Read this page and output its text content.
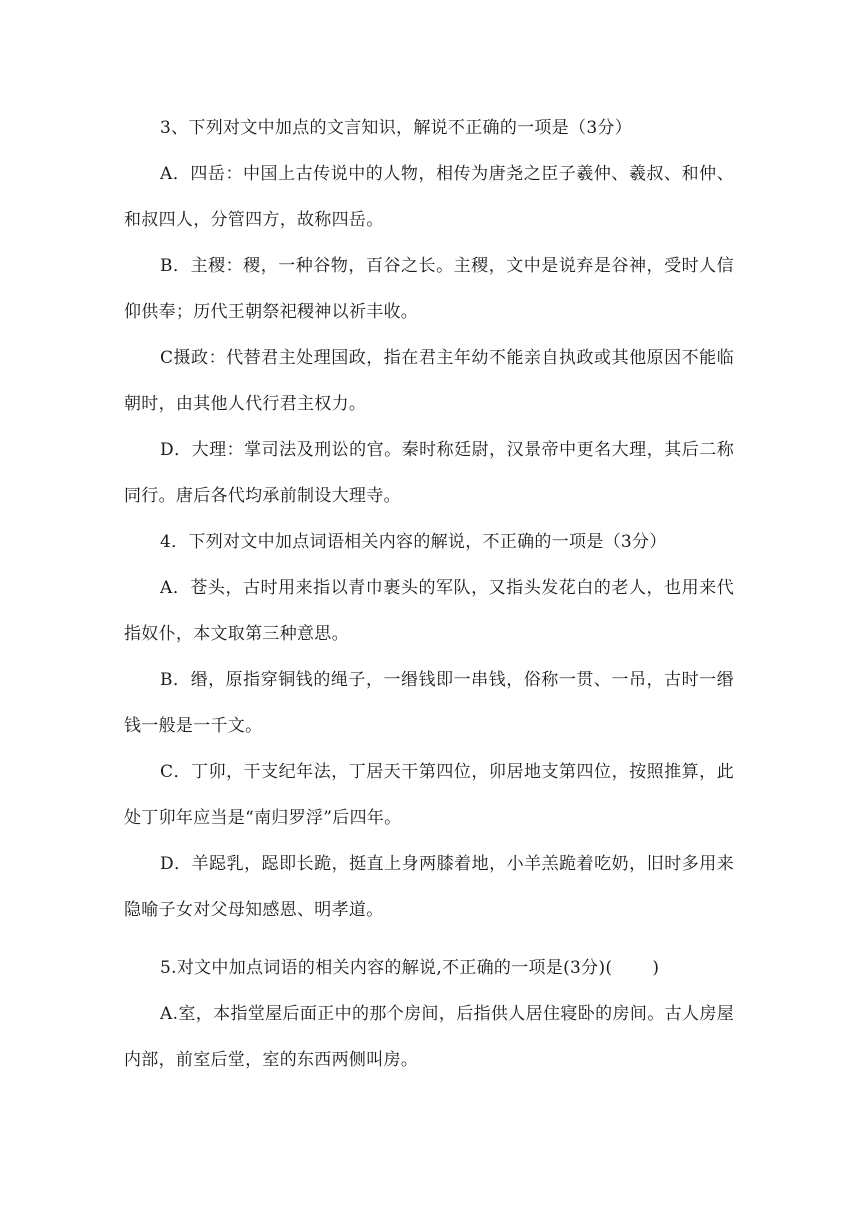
3、下列对文中加点的文言知识，解说不正确的一项是（3分）

A．四岳：中国上古传说中的人物，相传为唐尧之臣子羲仲、羲叔、和仲、和叔四人，分管四方，故称四岳。

B．主稷：稷，一种谷物，百谷之长。主稷，文中是说弃是谷神，受时人信仰供奉；历代王朝祭祀稷神以祈丰收。

C摄政：代替君主处理国政，指在君主年幼不能亲自执政或其他原因不能临朝时，由其他人代行君主权力。

D．大理：掌司法及刑讼的官。秦时称廷尉，汉景帝中更名大理，其后二称同行。唐后各代均承前制设大理寺。

4．下列对文中加点词语相关内容的解说，不正确的一项是（3分）

A．苍头，古时用来指以青巾裹头的军队，又指头发花白的老人，也用来代指奴仆，本文取第三种意思。

B．缗，原指穿铜钱的绳子，一缗钱即一串钱，俗称一贯、一吊，古时一缗钱一般是一千文。

C．丁卯，干支纪年法，丁居天干第四位，卯居地支第四位，按照推算，此处丁卯年应当是“南归罗浮”后四年。

D．羊跽乳，跽即长跪，挺直上身两膝着地，小羊羔跪着吃奶，旧时多用来隐喻子女对父母知感恩、明孝道。

5.对文中加点词语的相关内容的解说,不正确的一项是(3分)( )

A.室，本指堂屋后面正中的那个房间，后指供人居住寝卧的房间。古人房屋内部，前室后堂，室的东西两侧叫房。
